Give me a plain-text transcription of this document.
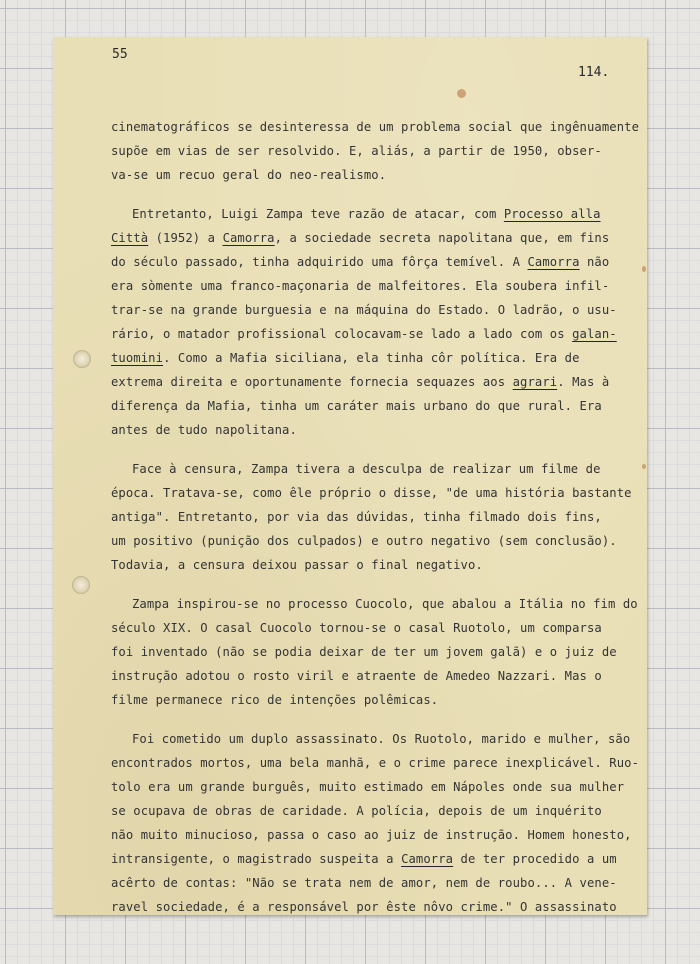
55
114.
cinematográficos se desinteressa de um problema social que ingênuamente
supõe em vias de ser resolvido. E, aliás, a partir de 1950, obser-
va-se um recuo geral do neo-realismo.
Entretanto, Luigi Zampa teve razão de atacar, com Processo alla
Città (1952) a Camorra, a sociedade secreta napolitana que, em fins
do século passado, tinha adquirido uma fôrça temível. A Camorra não
era sòmente uma franco-maçonaria de malfeitores. Ela soubera infil-
trar-se na grande burguesia e na máquina do Estado. O ladrão, o usu-
rário, o matador profissional colocavam-se lado a lado com os galan-
tuomini. Como a Mafia siciliana, ela tinha côr política. Era de
extrema direita e oportunamente fornecia sequazes aos agrari. Mas à
diferença da Mafia, tinha um caráter mais urbano do que rural. Era
antes de tudo napolitana.
Face à censura, Zampa tivera a desculpa de realizar um filme de
época. Tratava-se, como êle próprio o disse, "de uma história bastante
antiga". Entretanto, por via das dúvidas, tinha filmado dois fins,
um positivo (punição dos culpados) e outro negativo (sem conclusão).
Todavia, a censura deixou passar o final negativo.
Zampa inspirou-se no processo Cuocolo, que abalou a Itália no fim do
século XIX. O casal Cuocolo tornou-se o casal Ruotolo, um comparsa
foi inventado (não se podia deixar de ter um jovem galã) e o juiz de
instrução adotou o rosto viril e atraente de Amedeo Nazzari. Mas o
filme permanece rico de intenções polêmicas.
Foi cometido um duplo assassinato. Os Ruotolo, marido e mulher, são
encontrados mortos, uma bela manhã, e o crime parece inexplicável. Ruo-
tolo era um grande burguês, muito estimado em Nápoles onde sua mulher
se ocupava de obras de caridade. A polícia, depois de um inquérito
não muito minucioso, passa o caso ao juiz de instrução. Homem honesto,
intransigente, o magistrado suspeita a Camorra de ter procedido a um
acêrto de contas: "Não se trata nem de amor, nem de roubo... A vene-
ravel sociedade, é a responsável por êste nôvo crime." O assassinato
